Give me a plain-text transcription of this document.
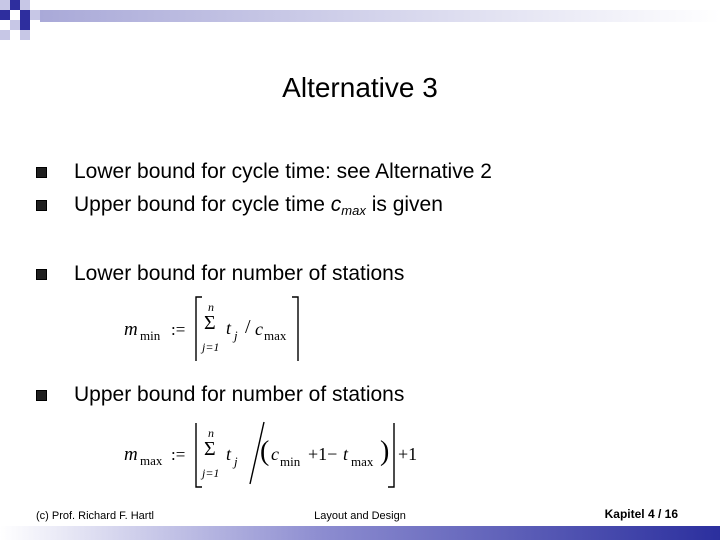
Alternative 3
Lower bound for cycle time: see Alternative 2
Upper bound for cycle time $c_{max}$ is given
Lower bound for number of stations
m min :=
n
Σ
j=1
t j / c max
Upper bound for number of stations
m max :=
n
Σ
j=1
t j ( c min +1− t max ) +1
(c) Prof. Richard F. Hartl	Layout and Design	Kapitel 4 / 16
